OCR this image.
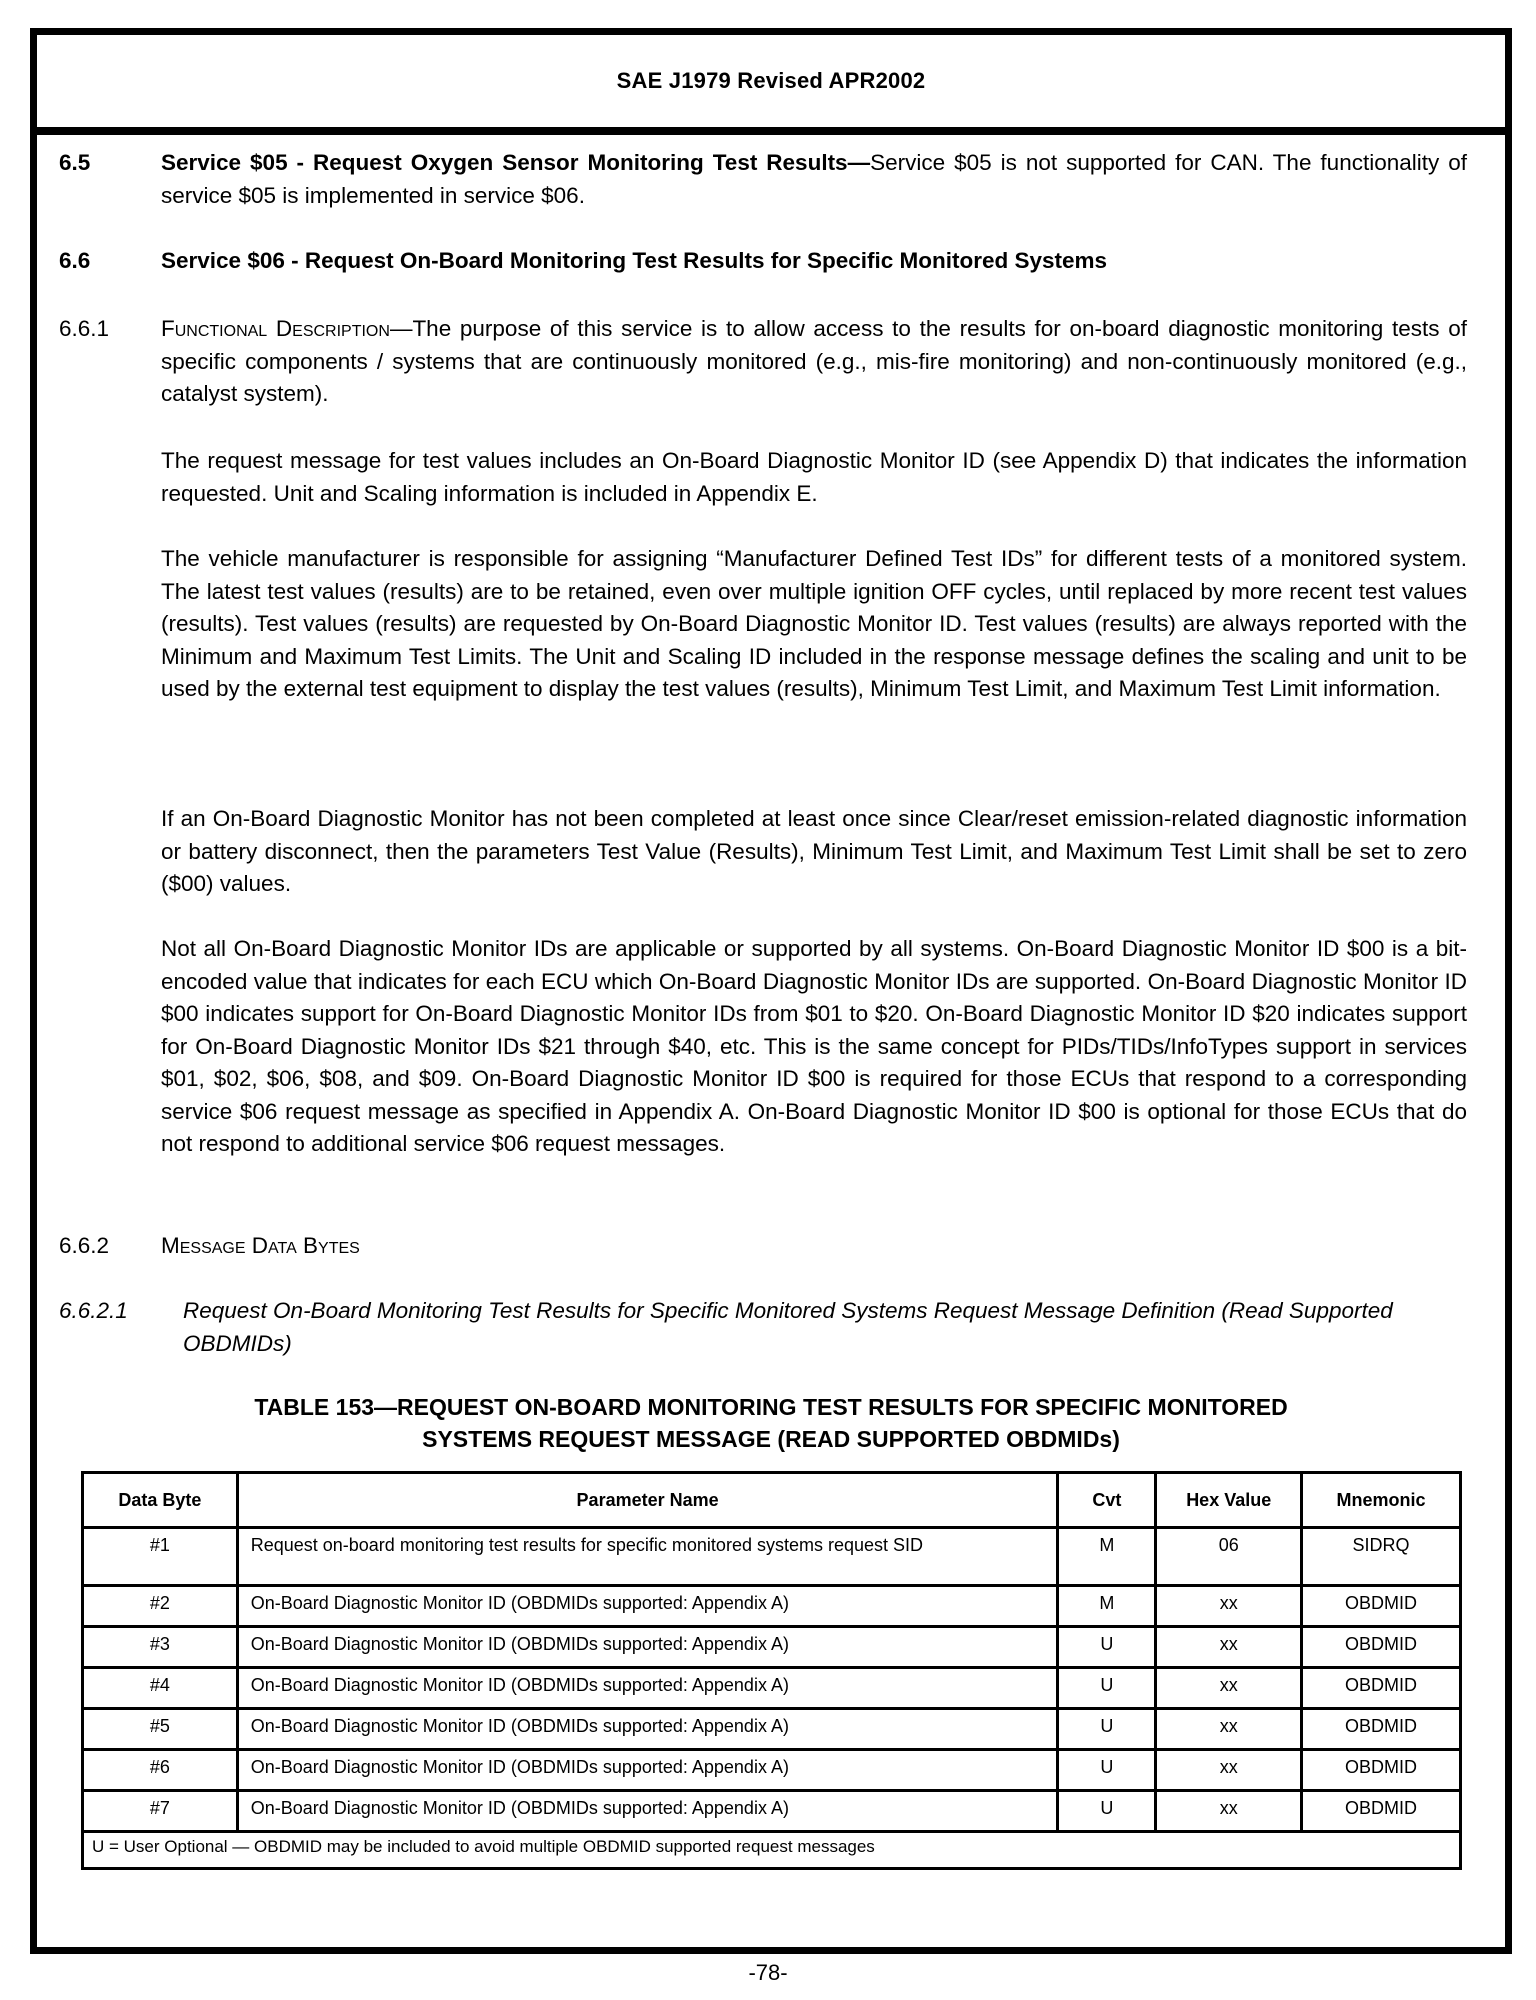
SAE J1979 Revised APR2002
6.5	Service $05 - Request Oxygen Sensor Monitoring Test Results—Service $05 is not supported for CAN. The functionality of service $05 is implemented in service $06.
6.6	Service $06 - Request On-Board Monitoring Test Results for Specific Monitored Systems
6.6.1 Functional Description—The purpose of this service is to allow access to the results for on-board diagnostic monitoring tests of specific components / systems that are continuously monitored (e.g., mis-fire monitoring) and non-continuously monitored (e.g., catalyst system).
The request message for test values includes an On-Board Diagnostic Monitor ID (see Appendix D) that indicates the information requested. Unit and Scaling information is included in Appendix E.
The vehicle manufacturer is responsible for assigning “Manufacturer Defined Test IDs” for different tests of a monitored system. The latest test values (results) are to be retained, even over multiple ignition OFF cycles, until replaced by more recent test values (results). Test values (results) are requested by On-Board Diagnostic Monitor ID. Test values (results) are always reported with the Minimum and Maximum Test Limits. The Unit and Scaling ID included in the response message defines the scaling and unit to be used by the external test equipment to display the test values (results), Minimum Test Limit, and Maximum Test Limit information.
If an On-Board Diagnostic Monitor has not been completed at least once since Clear/reset emission-related diagnostic information or battery disconnect, then the parameters Test Value (Results), Minimum Test Limit, and Maximum Test Limit shall be set to zero ($00) values.
Not all On-Board Diagnostic Monitor IDs are applicable or supported by all systems. On-Board Diagnostic Monitor ID $00 is a bit-encoded value that indicates for each ECU which On-Board Diagnostic Monitor IDs are supported. On-Board Diagnostic Monitor ID $00 indicates support for On-Board Diagnostic Monitor IDs from $01 to $20. On-Board Diagnostic Monitor ID $20 indicates support for On-Board Diagnostic Monitor IDs $21 through $40, etc. This is the same concept for PIDs/TIDs/InfoTypes support in services $01, $02, $06, $08, and $09. On-Board Diagnostic Monitor ID $00 is required for those ECUs that respond to a corresponding service $06 request message as specified in Appendix A. On-Board Diagnostic Monitor ID $00 is optional for those ECUs that do not respond to additional service $06 request messages.
6.6.2 Message Data Bytes
6.6.2.1 Request On-Board Monitoring Test Results for Specific Monitored Systems Request Message Definition (Read Supported OBDMIDs)
TABLE 153—REQUEST ON-BOARD MONITORING TEST RESULTS FOR SPECIFIC MONITORED
SYSTEMS REQUEST MESSAGE (READ SUPPORTED OBDMIDs)
Data Byte	Parameter Name	Cvt	Hex Value	Mnemonic
#1	Request on-board monitoring test results for specific monitored systems request SID	M	06	SIDRQ
#2	On-Board Diagnostic Monitor ID (OBDMIDs supported: Appendix A)	M	xx	OBDMID
#3	On-Board Diagnostic Monitor ID (OBDMIDs supported: Appendix A)	U	xx	OBDMID
#4	On-Board Diagnostic Monitor ID (OBDMIDs supported: Appendix A)	U	xx	OBDMID
#5	On-Board Diagnostic Monitor ID (OBDMIDs supported: Appendix A)	U	xx	OBDMID
#6	On-Board Diagnostic Monitor ID (OBDMIDs supported: Appendix A)	U	xx	OBDMID
#7	On-Board Diagnostic Monitor ID (OBDMIDs supported: Appendix A)	U	xx	OBDMID
U = User Optional — OBDMID may be included to avoid multiple OBDMID supported request messages				
-78-
